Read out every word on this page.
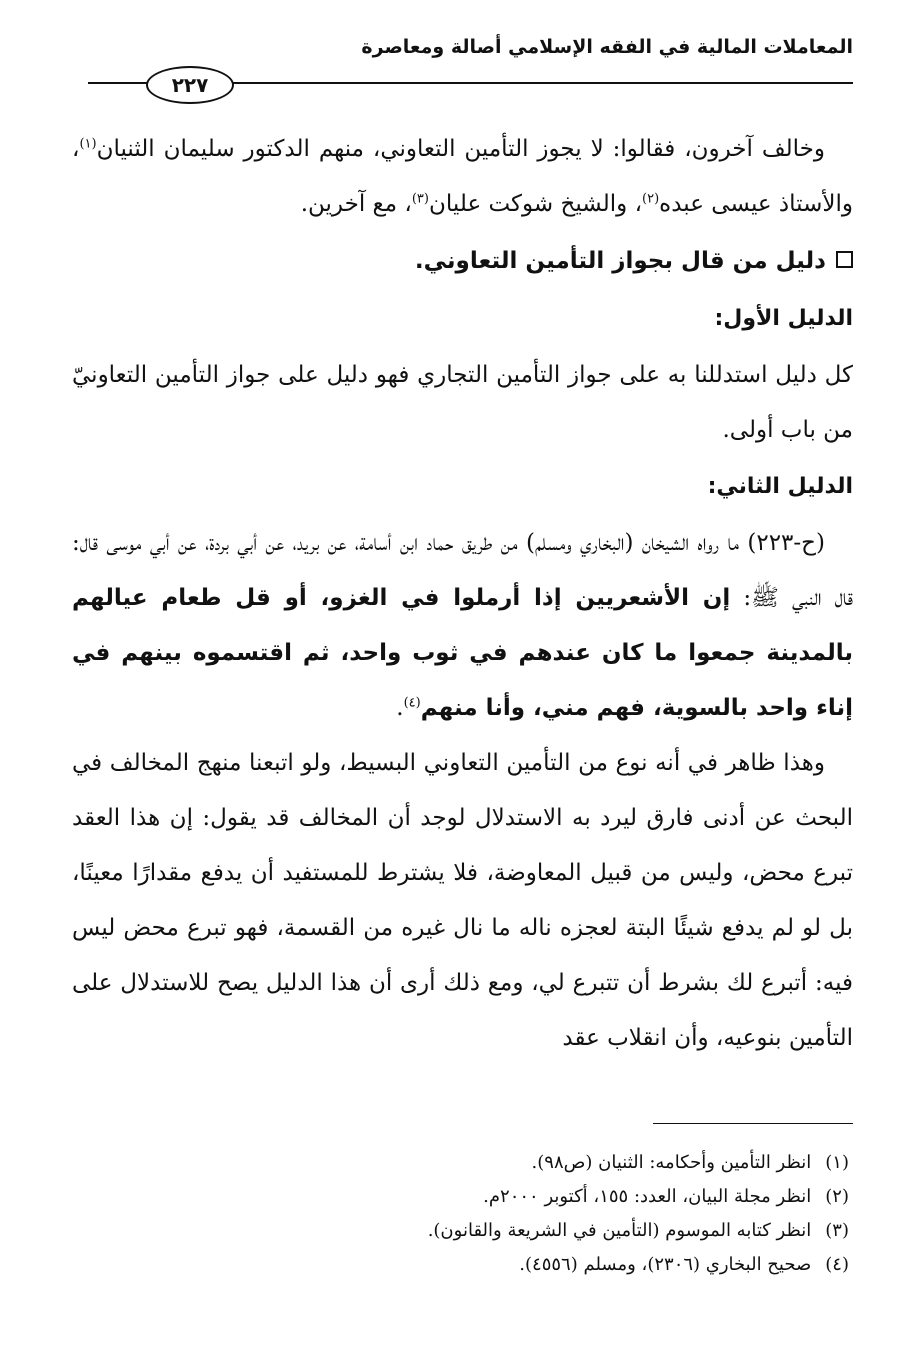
المعاملات المالية في الفقه الإسلامي أصالة ومعاصرة
٢٢٧

وخالف آخرون، فقالوا: لا يجوز التأمين التعاوني، منهم الدكتور سليمان الثنيان$^{(١)}$، والأستاذ عيسى عبده$^{(٢)}$، والشيخ شوكت عليان$^{(٣)}$، مع آخرين.

دليل من قال بجواز التأمين التعاوني.

الدليل الأول:

كل دليل استدللنا به على جواز التأمين التجاري فهو دليل على جواز التأمين التعاونيّ من باب أولى.

الدليل الثاني:

(ح-٢٢٣) ما رواه الشيخان (البخاري ومسلم) من طريق حماد ابن أسامة، عن بريد، عن أبي بردة، عن أبي موسى قال: قال النبي ﷺ: إن الأشعريين إذا أرملوا في الغزو، أو قل طعام عيالهم بالمدينة جمعوا ما كان عندهم في ثوب واحد، ثم اقتسموه بينهم في إناء واحد بالسوية، فهم مني، وأنا منهم$^{(٤)}$.

وهذا ظاهر في أنه نوع من التأمين التعاوني البسيط، ولو اتبعنا منهج المخالف في البحث عن أدنى فارق ليرد به الاستدلال لوجد أن المخالف قد يقول: إن هذا العقد تبرع محض، وليس من قبيل المعاوضة، فلا يشترط للمستفيد أن يدفع مقدارًا معينًا، بل لو لم يدفع شيئًا البتة لعجزه ناله ما نال غيره من القسمة، فهو تبرع محض ليس فيه: أتبرع لك بشرط أن تتبرع لي، ومع ذلك أرى أن هذا الدليل يصح للاستدلال على التأمين بنوعيه، وأن انقلاب عقد

(١)انظر التأمين وأحكامه: الثنيان (ص٩٨).

(٢)انظر مجلة البيان، العدد: ١٥٥، أكتوبر ٢٠٠٠م.

(٣)انظر كتابه الموسوم (التأمين في الشريعة والقانون).

(٤)صحيح البخاري (٢٣٠٦)، ومسلم (٤٥٥٦).
